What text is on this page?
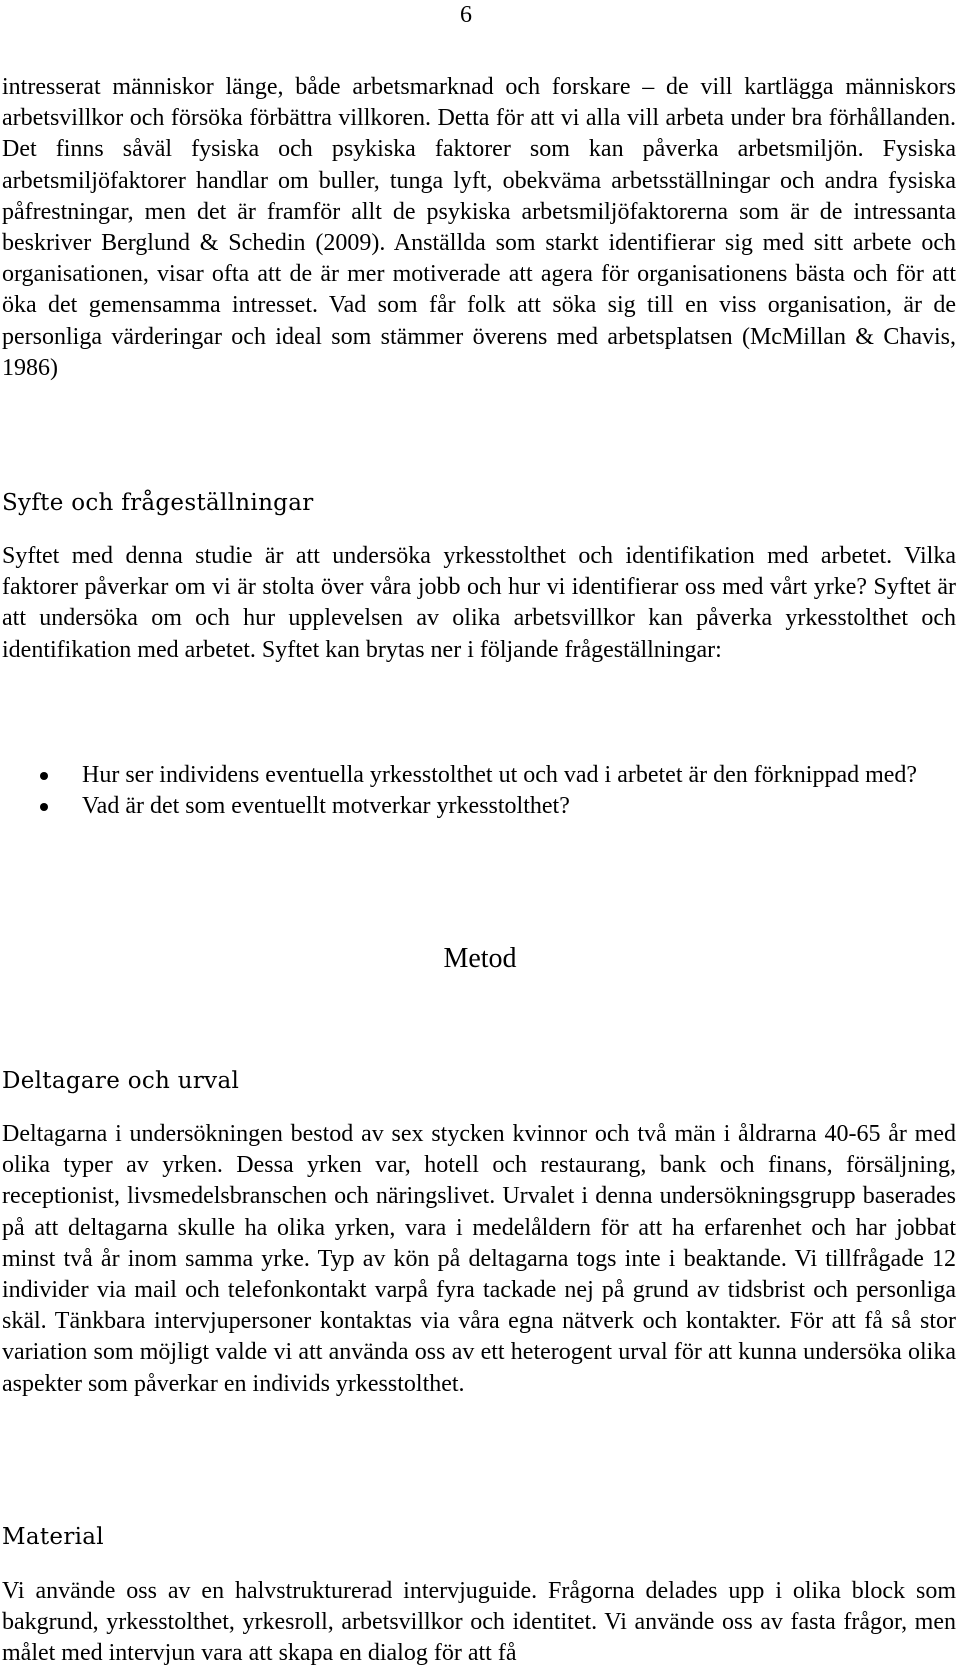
6

intresserat människor länge, både arbetsmarknad och forskare – de vill kartlägga människors arbetsvillkor och försöka förbättra villkoren. Detta för att vi alla vill arbeta under bra förhållanden. Det finns såväl fysiska och psykiska faktorer som kan påverka arbetsmiljön. Fysiska arbetsmiljöfaktorer handlar om buller, tunga lyft, obekväma arbetsställningar och andra fysiska påfrestningar, men det är framför allt de psykiska arbetsmiljöfaktorerna som är de intressanta beskriver Berglund & Schedin (2009). Anställda som starkt identifierar sig med sitt arbete och organisationen, visar ofta att de är mer motiverade att agera för organisationens bästa och för att öka det gemensamma intresset. Vad som får folk att söka sig till en viss organisation, är de personliga värderingar och ideal som stämmer överens med arbetsplatsen (McMillan & Chavis, 1986)

Syfte och frågeställningar

Syftet med denna studie är att undersöka yrkesstolthet och identifikation med arbetet. Vilka faktorer påverkar om vi är stolta över våra jobb och hur vi identifierar oss med vårt yrke? Syftet är att undersöka om och hur upplevelsen av olika arbetsvillkor kan påverka yrkesstolthet och identifikation med arbetet. Syftet kan brytas ner i följande frågeställningar:

Hur ser individens eventuella yrkesstolthet ut och vad i arbetet är den förknippad med?
Vad är det som eventuellt motverkar yrkesstolthet?
Metod
Deltagare och urval

Deltagarna i undersökningen bestod av sex stycken kvinnor och två män i åldrarna 40-65 år med olika typer av yrken. Dessa yrken var, hotell och restaurang, bank och finans, försäljning, receptionist, livsmedelsbranschen och näringslivet. Urvalet i denna undersökningsgrupp baserades på att deltagarna skulle ha olika yrken, vara i medelåldern för att ha erfarenhet och har jobbat minst två år inom samma yrke. Typ av kön på deltagarna togs inte i beaktande. Vi tillfrågade 12 individer via mail och telefonkontakt varpå fyra tackade nej på grund av tidsbrist och personliga skäl. Tänkbara intervjupersoner kontaktas via våra egna nätverk och kontakter. För att få så stor variation som möjligt valde vi att använda oss av ett heterogent urval för att kunna undersöka olika aspekter som påverkar en individs yrkesstolthet.

Material

Vi använde oss av en halvstrukturerad intervjuguide. Frågorna delades upp i olika block som bakgrund, yrkesstolthet, yrkesroll, arbetsvillkor och identitet. Vi använde oss av fasta frågor, men målet med intervjun vara att skapa en dialog för att få
